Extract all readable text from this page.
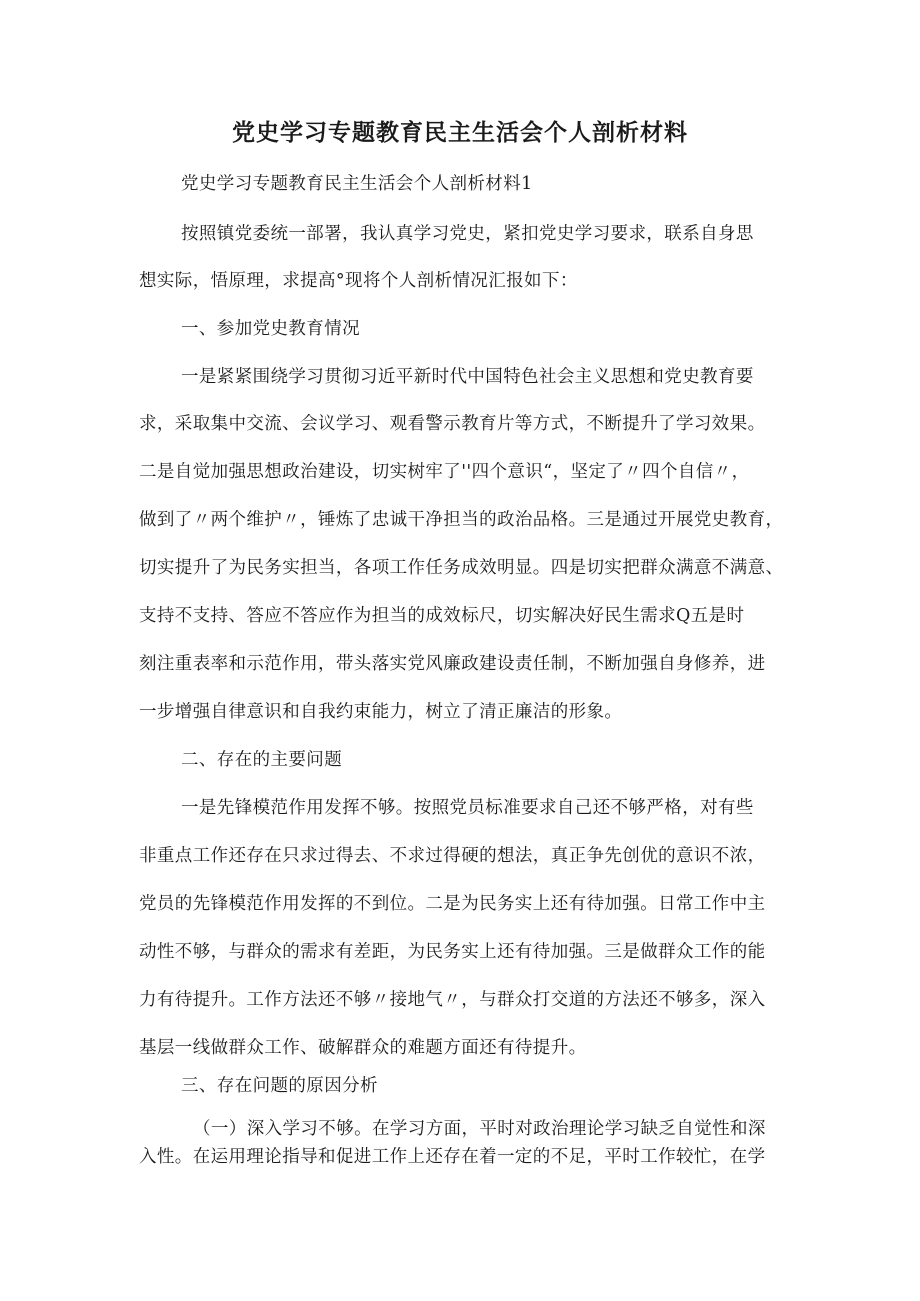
党史学习专题教育民主生活会个人剖析材料

党史学习专题教育民主生活会个人剖析材料1

按照镇党委统一部署，我认真学习党史，紧扣党史学习要求，联系自身思

想实际，悟原理，求提高°现将个人剖析情况汇报如下：

一、参加党史教育情况

一是紧紧围绕学习贯彻习近平新时代中国特色社会主义思想和党史教育要

求，采取集中交流、会议学习、观看警示教育片等方式，不断提升了学习效果。

二是自觉加强思想政治建设，切实树牢了''四个意识“，坚定了〃四个自信〃，

做到了〃两个维护〃，锤炼了忠诚干净担当的政治品格。三是通过开展党史教育，

切实提升了为民务实担当，各项工作任务成效明显。四是切实把群众满意不满意、

支持不支持、答应不答应作为担当的成效标尺，切实解决好民生需求Q五是时

刻注重表率和示范作用，带头落实党风廉政建设责任制，不断加强自身修养，进

一步增强自律意识和自我约束能力，树立了清正廉洁的形象。

二、存在的主要问题

一是先锋模范作用发挥不够。按照党员标准要求自己还不够严格，对有些

非重点工作还存在只求过得去、不求过得硬的想法，真正争先创优的意识不浓，

党员的先锋模范作用发挥的不到位。二是为民务实上还有待加强。日常工作中主

动性不够，与群众的需求有差距，为民务实上还有待加强。三是做群众工作的能

力有待提升。工作方法还不够〃接地气〃，与群众打交道的方法还不够多，深入

基层一线做群众工作、破解群众的难题方面还有待提升。

三、存在问题的原因分析

（一）深入学习不够。在学习方面，平时对政治理论学习缺乏自觉性和深

入性。在运用理论指导和促进工作上还存在着一定的不足，平时工作较忙，在学
